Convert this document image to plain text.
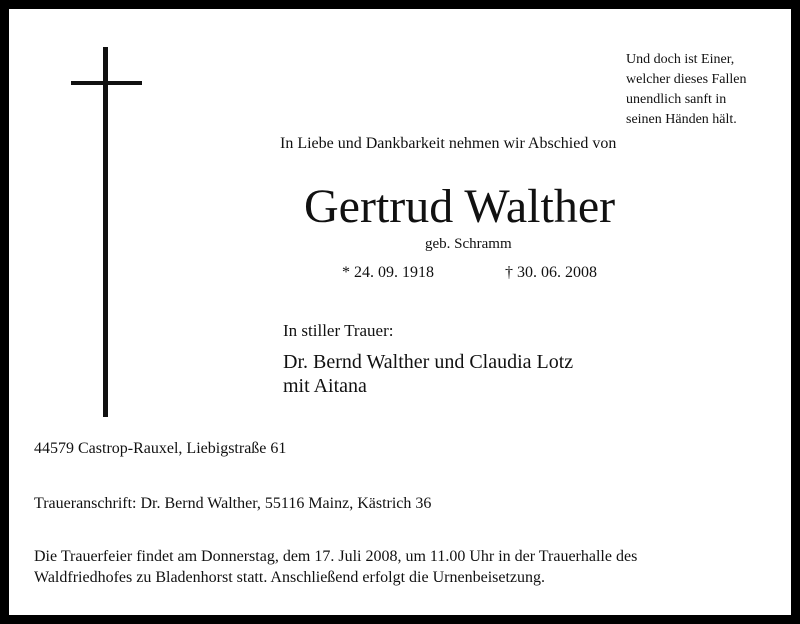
Und doch ist Einer,
welcher dieses Fallen
unendlich sanft in
seinen Händen hält.
In Liebe und Dankbarkeit nehmen wir Abschied von
Gertrud Walther
geb. Schramm
* 24. 09. 1918	† 30. 06. 2008
In stiller Trauer:
Dr. Bernd Walther und Claudia Lotz
mit Aitana
44579 Castrop-Rauxel, Liebigstraße 61
Traueranschrift: Dr. Bernd Walther, 55116 Mainz, Kästrich 36
Die Trauerfeier findet am Donnerstag, dem 17. Juli 2008, um 11.00 Uhr in der Trauerhalle des
Waldfriedhofes zu Bladenhorst statt. Anschließend erfolgt die Urnenbeisetzung.
